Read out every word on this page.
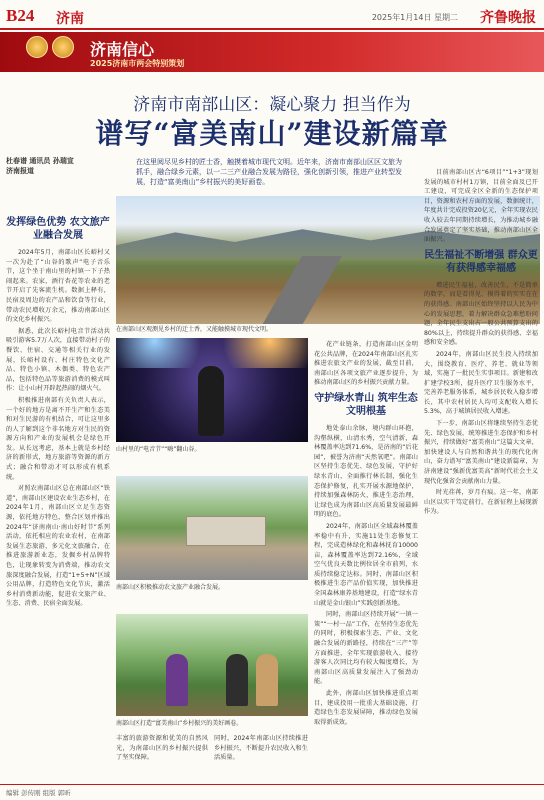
B24 济南	2025年1月14日 星期二 齐鲁晚报
济南信心
2025济南市两会特别策划
济南市南部山区：凝心聚力 担当作为
谱写“富美南山”建设新篇章
杜春谱 通讯员 孙瑞宣
济南报道
在这里阅尽见乡村的匠士香，触摸着城市现代文明。近年来，济南市南部山区区文旅为抓手，融合绿乡元素，以一二三产业融合发展为路径，强化创新引领，推进产业转型发展，打造“富美南山”乡村振兴的美好画卷。
发挥绿色优势 农文旅产业融合发展

2024年5月，南部山区长峪村又一次为赴了“山谷的歌声”电子音乐节，这个坐于南山里的村镇一下子热闹起来。农家，酒行杏花等农业的老节开启了先客流生机。数据上释有，民宿及周边的农产品和饮食等行业，带动农民增收万余元，推动南部山区的文化乡村振兴。

据悉，此次长峪村电音节活动共吸引游客5.7万人次，直接带动村子的餐饮、住宿、交通等相关行业的发展，长峪村设有、村庄特色文化产品、特色小镇、木偶类、特色农产品，包括特色品等旅游消费的模式叫作：让小山村开辟起热闹的烟火气。

积极推进南部有关负责人表示，一个好的地方是离不开生产和生态美和对生民游的有机结合，可让这里多的人了解到这个非名地方对生民的资源方向和产业的发展机会是绿色开发。从长远考虑，基本上就是乡村经济的新形式，地方旅游等资源的新方式；融合和带动才可以形成有机系统。

对照农南部山区总在南部山区“铁道”，南部山区建设农业生态乡村，在2024年1月，南部山区立足生态资源，依托地方特色，整合区划并推出2024年“济南南山·南山好时节”系列活动，依托相应的农业农村，在南部发展生态旅游，多元化文旅融合，在推进旅游新业态，发掘乡村品牌特色，让现象转变为消费端，推动农文旅深度融合发展，打造“1+5+N”区域公用品牌，打造特色文化节庆，激活乡村消费新动能，促进农文旅产业、生态、消费、民宿全面发展。

在南部山区观测见乡村的迁土香，又能触摸城市现代文明。
山村里的“电音节”“嗨”翻山谷。
南部山区积极推动农文旅产业融合发展。
南部山区打造“富美南山”乡村振兴的美好画卷。
丰富的旅游资源和优美的自然风光，为南部山区的乡村振兴提供了坚实保障。
同时，2024年南部山区持续推进乡村振兴，不断提升农民收入和生活质量。

花产业链条，打造南部山区金明花公共品牌，在2024年南部山区扎实推进农旅文产业的发展，截至目前，南部山区各项文旅产业逐步提升，为推动南部山区的乡村振兴贡献力量。

守护绿水青山 筑牢生态文明根基

地处泰山余脉，境内群山环抱，沟壑纵横，山清水秀，空气清新，森林覆盖率达到71.6%，是济南的“后花园”，被誉为济南“天然氧吧”。南部山区坚持生态优先、绿色发展，守护好绿水青山，全面推行林长制，强化生态保护修复，扎实开展水源地保护，持续加强森林防火，推进生态治理，让绿色成为南部山区高质量发展最鲜明的底色。

2024年，南部山区全域森林覆盖率稳中有升，实施11处生态修复工程，完成造林绿化和森林抚育10000亩，森林覆盖率达到72.16%，全域空气优良天数比例位居全市前列，水质持续稳定达标。同时，南部山区积极推进生态产品价值实现，加快推进全国森林康养基地建设，打造“绿水青山就是金山银山”实践创新基地。

同时，南部山区持续开展“一镇一策”“一村一品”工作，在坚持生态优先的同时，积极探索生态、产业、文化融合发展的新路径，持续在“三产”等方面推进，全年实现旅游收入、接待游客人次同比均有较大幅度增长，为南部山区高质量发展注入了强劲动能。

此外，南部山区加快推进重点项目，建成投用一批重大基础设施，打造绿色生态发展屏障，推动绿色发展取得新成效。

目前南部山区古“6项目”“1+3”现划发展的城市村村1万镇，目前全面及已开工建设，可完成全区全新的生态保护项目，资源和农村方面的发展，数据统计，年度共计完成投资20亿元，全年实现农民收入较去年同期持续增长，为推动城乡融合发展奠定了坚实基础，推动南部山区全面振兴。

民生福祉不断增强 群众更有获得感幸福感

增进民生福祉，改善民生，不是简单的数字，而是看得见、摸得着的实实在在的获得感。南部山区始终坚持以人民为中心的发展思想，着力解决群众急难愁盼问题，全年民生支出占一般公共预算支出的80%以上，持续提升群众的获得感、幸福感和安全感。

2024年，南部山区民生投入持续加大，围绕教育、医疗、养老、就业等领域，实施了一批民生实事项目。新建和改扩建学校3所，提升医疗卫生服务水平，完善养老服务体系，城乡居民收入稳步增长，其中农村居民人均可支配收入增长5.3%，高于城镇居民收入增速。

下一步，南部山区将继续坚持生态优先、绿色发展，统筹推进生态保护和乡村振兴，持续做好“富美南山”这篇大文章，加快建设人与自然和谐共生的现代化南山，奋力谱写“富美南山”建设新篇章，为济南建设“强新优富美高”新时代社会主义现代化强省会贡献南山力量。

时光荏苒，岁月有痕。这一年，南部山区以实干笃定前行，在新征程上展现新作为。

编辑 彭传刚 组版 郭昕
